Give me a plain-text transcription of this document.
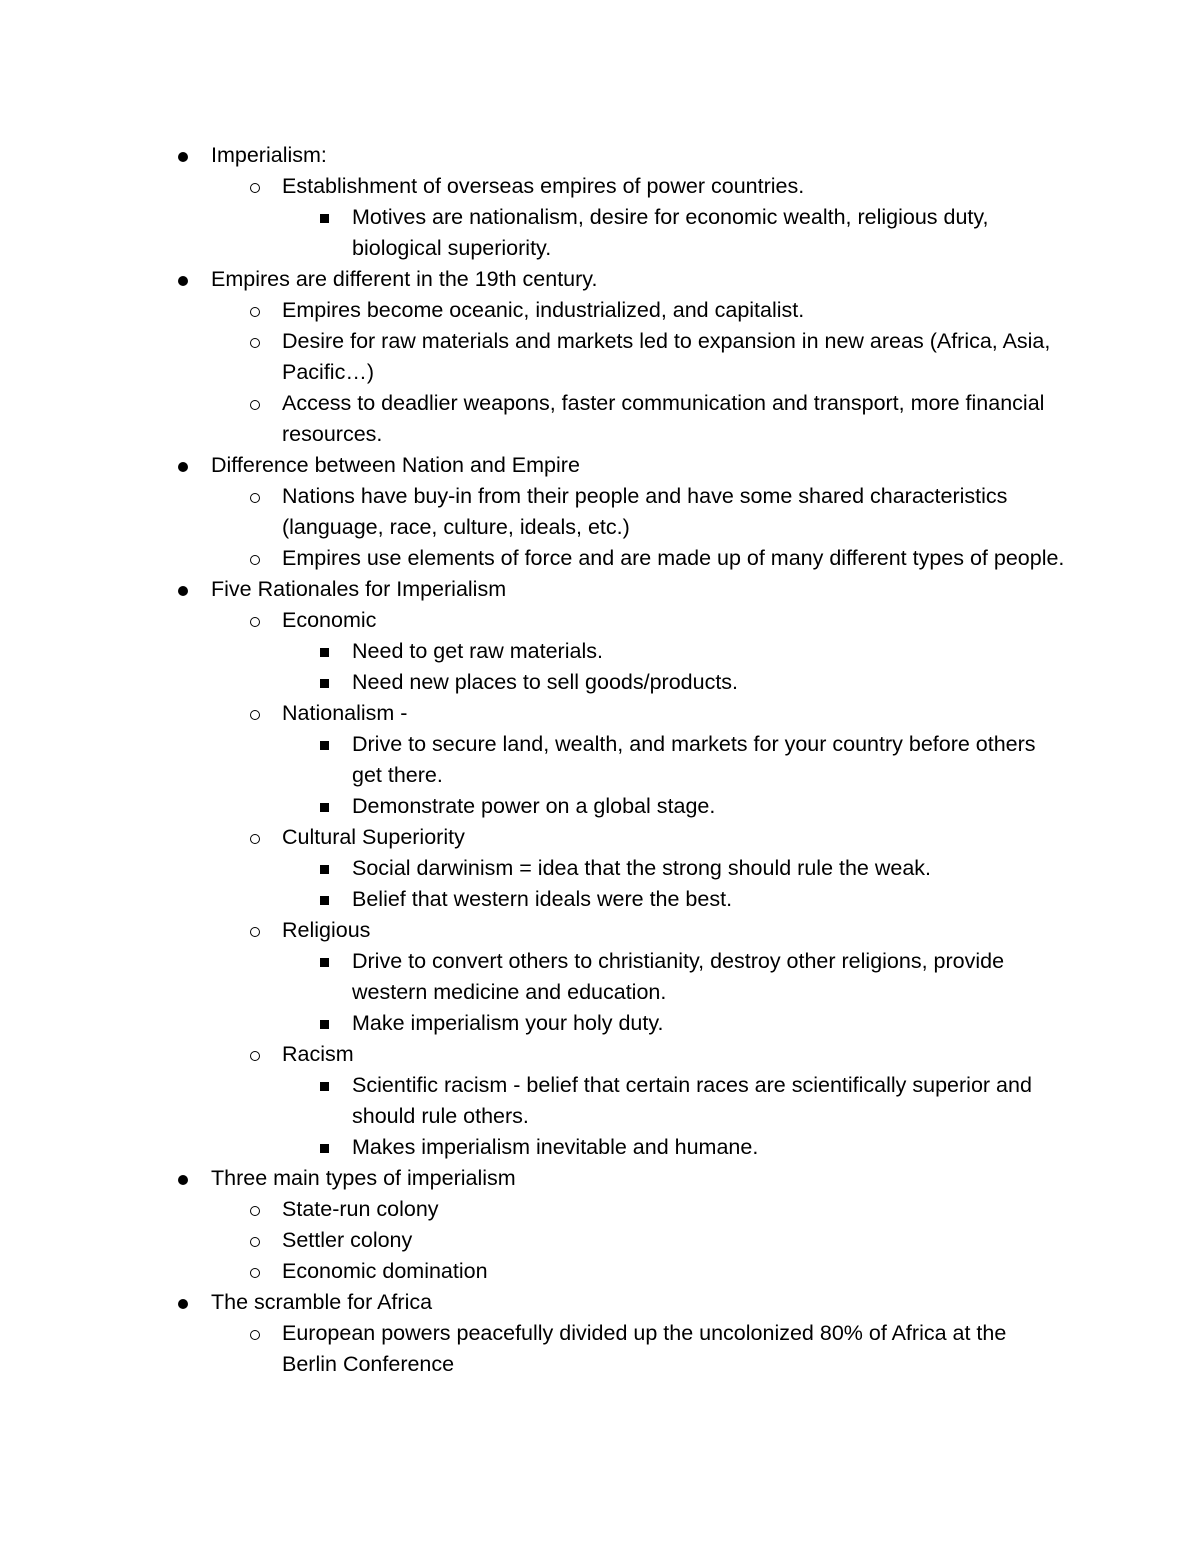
Imperialism:
Establishment of overseas empires of power countries.
Motives are nationalism, desire for economic wealth, religious duty, biological superiority.
Empires are different in the 19th century.
Empires become oceanic, industrialized, and capitalist.
Desire for raw materials and markets led to expansion in new areas (Africa, Asia, Pacific…)
Access to deadlier weapons, faster communication and transport, more financial resources.
Difference between Nation and Empire
Nations have buy-in from their people and have some shared characteristics (language, race, culture, ideals, etc.)
Empires use elements of force and are made up of many different types of people.
Five Rationales for Imperialism
Economic
Need to get raw materials.
Need new places to sell goods/products.
Nationalism -
Drive to secure land, wealth, and markets for your country before others get there.
Demonstrate power on a global stage.
Cultural Superiority
Social darwinism = idea that the strong should rule the weak.
Belief that western ideals were the best.
Religious
Drive to convert others to christianity, destroy other religions, provide western medicine and education.
Make imperialism your holy duty.
Racism
Scientific racism - belief that certain races are scientifically superior and should rule others.
Makes imperialism inevitable and humane.
Three main types of imperialism
State-run colony
Settler colony
Economic domination
The scramble for Africa
European powers peacefully divided up the uncolonized 80% of Africa at the Berlin Conference
